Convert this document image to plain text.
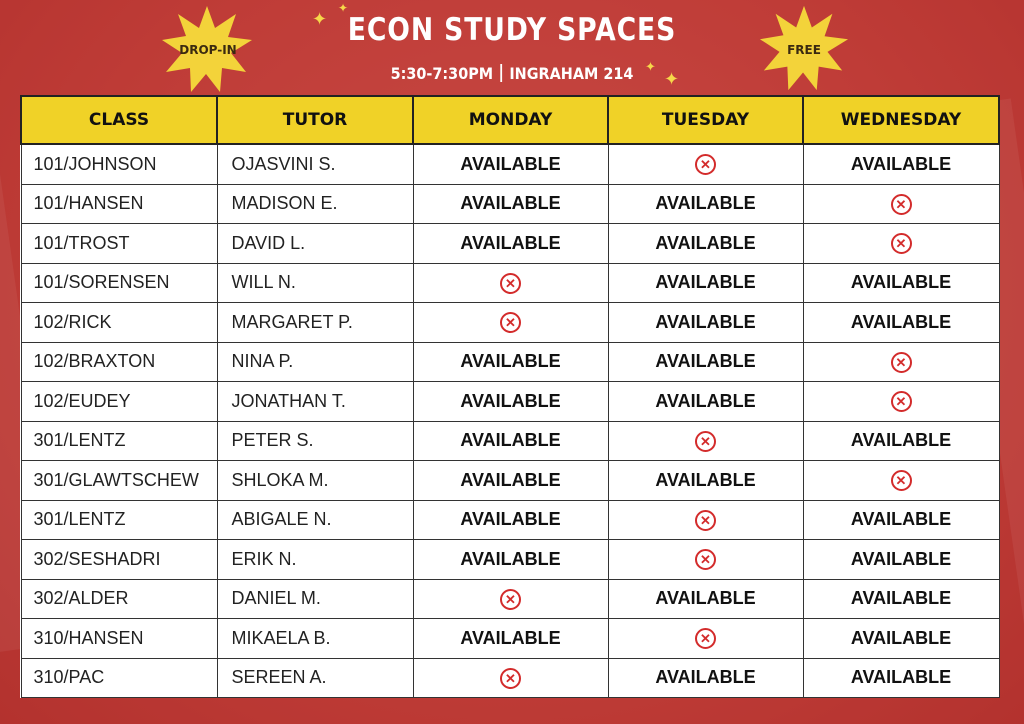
DROP-IN	FREE
✦
✦
✦
✦
ECON STUDY SPACES
5:30-7:30PM INGRAHAM 214
CLASS	TUTOR	MONDAY	TUESDAY	WEDNESDAY
101/JOHNSON	OJASVINI S.	AVAILABLE	✕	AVAILABLE
101/HANSEN	MADISON E.	AVAILABLE	AVAILABLE	✕
101/TROST	DAVID L.	AVAILABLE	AVAILABLE	✕
101/SORENSEN	WILL N.	✕	AVAILABLE	AVAILABLE
102/RICK	MARGARET P.	✕	AVAILABLE	AVAILABLE
102/BRAXTON	NINA P.	AVAILABLE	AVAILABLE	✕
102/EUDEY	JONATHAN T.	AVAILABLE	AVAILABLE	✕
301/LENTZ	PETER S.	AVAILABLE	✕	AVAILABLE
301/GLAWTSCHEW	SHLOKA M.	AVAILABLE	AVAILABLE	✕
301/LENTZ	ABIGALE N.	AVAILABLE	✕	AVAILABLE
302/SESHADRI	ERIK N.	AVAILABLE	✕	AVAILABLE
302/ALDER	DANIEL M.	✕	AVAILABLE	AVAILABLE
310/HANSEN	MIKAELA B.	AVAILABLE	✕	AVAILABLE
310/PAC	SEREEN A.	✕	AVAILABLE	AVAILABLE
